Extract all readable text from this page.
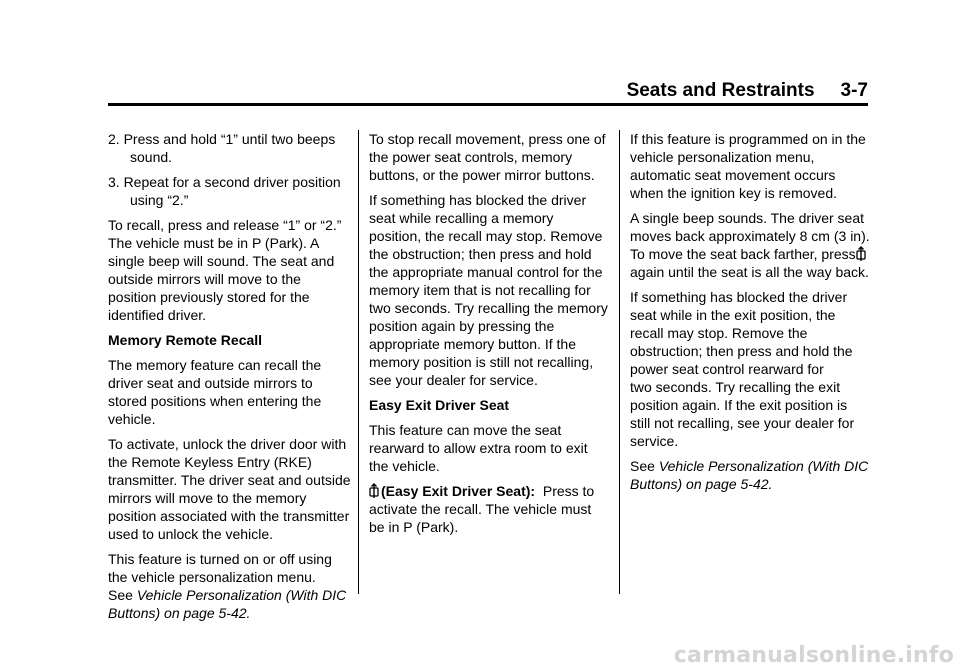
Seats and Restraints 3-7

2. Press and hold “1” until two beeps sound.

3. Repeat for a second driver position using “2.”

To recall, press and release “1” or “2.” The vehicle must be in P (Park). A single beep will sound. The seat and outside mirrors will move to the position previously stored for the identified driver.

Memory Remote Recall

The memory feature can recall the driver seat and outside mirrors to stored positions when entering the vehicle.

To activate, unlock the driver door with the Remote Keyless Entry (RKE) transmitter. The driver seat and outside mirrors will move to the memory position associated with the transmitter used to unlock the vehicle.

This feature is turned on or off using the vehicle personalization menu.
See Vehicle Personalization (With DIC Buttons) on page 5-42.

To stop recall movement, press one of the power seat controls, memory buttons, or the power mirror buttons.

If something has blocked the driver seat while recalling a memory position, the recall may stop. Remove the obstruction; then press and hold the appropriate manual control for the memory item that is not recalling for two seconds. Try recalling the memory position again by pressing the appropriate memory button. If the memory position is still not recalling, see your dealer for service.

Easy Exit Driver Seat

This feature can move the seat rearward to allow extra room to exit the vehicle.

(Easy Exit Driver Seat): Press to activate the recall. The vehicle must be in P (Park).

If this feature is programmed on in the vehicle personalization menu, automatic seat movement occurs when the ignition key is removed.

A single beep sounds. The driver seat moves back approximately 8 cm (3 in). To move the seat back farther, press
again until the seat is all the way back.

If something has blocked the driver seat while in the exit position, the recall may stop. Remove the obstruction; then press and hold the power seat control rearward for two seconds. Try recalling the exit position again. If the exit position is still not recalling, see your dealer for service.

See Vehicle Personalization (With DIC Buttons) on page 5-42.

carmanualsonline.info
